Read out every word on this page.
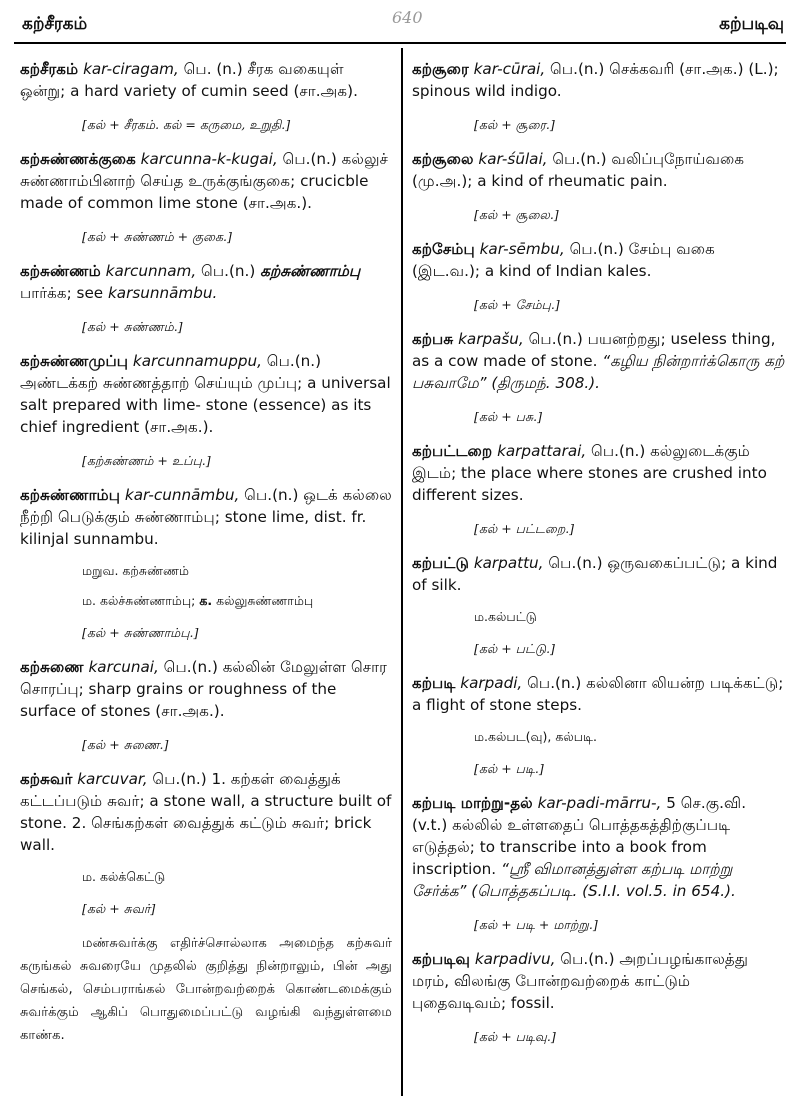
கற்சீரகம்	640	கற்படிவு

கற்சீரகம் kar-ciragam, பெ. (n.) சீரக வகையுள் ஒன்று; a hard variety of cumin seed (சா.அக).

[கல் + சீரகம். கல் = கருமை, உறுதி.]

கற்சுண்ணக்குகை karcunna-k-kugai, பெ.(n.) கல்லுச் சுண்ணாம்பினாற் செய்த உருக்குங்குகை; crucicble made of common lime stone (சா.அக.).

[கல் + சுண்ணம் + குகை.]

கற்சுண்ணம் karcunnam, பெ.(n.) கற்சுண்ணாம்பு பார்க்க; see karsunnāmbu.

[கல் + சுண்ணம்.]

கற்சுண்ணமுப்பு karcunnamuppu, பெ.(n.) அண்டக்கற் சுண்ணத்தாற் செய்யும் முப்பு; a universal salt prepared with lime- stone (essence) as its chief ingredient (சா.அக.).

[கற்சுண்ணம் + உப்பு.]

கற்சுண்ணாம்பு kar-cunnāmbu, பெ.(n.) ஒடக் கல்லை நீற்றி பெடுக்கும் சுண்ணாம்பு; stone lime, dist. fr. kilinjal sunnambu.

மறுவ. கற்சுண்ணம்
ம. கல்ச்சுண்ணாம்பு; க. கல்லுசுண்ணாம்பு
[கல் + சுண்ணாம்பு.]

கற்சுணை karcunai, பெ.(n.) கல்லின் மேலுள்ள சொர சொரப்பு; sharp grains or roughness of the surface of stones (சா.அக.).

[கல் + சுணை.]

கற்சுவர் karcuvar, பெ.(n.) 1. கற்கள் வைத்துக் கட்டப்படும் சுவர்; a stone wall, a structure built of stone. 2. செங்கற்கள் வைத்துக் கட்டும் சுவர்; brick wall.

ம. கல்க்கெட்டு
[கல் + சுவர்]

மண்சுவர்க்கு எதிர்ச்சொல்லாக அமைந்த கற்சுவர் கருங்கல் சுவரையே முதலில் குறித்து நின்றாலும், பின் அது செங்கல், செம்பராங்கல் போன்றவற்றைக் கொண்டமைக்கும் சுவர்க்கும் ஆகிப் பொதுமைப்பட்டு வழங்கி வந்துள்ளமை காண்க.

கற்சூரை kar-cūrai, பெ.(n.) செக்கவரி (சா.அக.) (L.); spinous wild indigo.

[கல் + சூரை.]

கற்சூலை kar-śūlai, பெ.(n.) வலிப்புநோய்வகை (மு.அ.); a kind of rheumatic pain.

[கல் + சூலை.]

கற்சேம்பு kar-sēmbu, பெ.(n.) சேம்பு வகை (இட.வ.); a kind of Indian kales.

[கல் + சேம்பு.]

கற்பசு karpašu, பெ.(n.) பயனற்றது; useless thing, as a cow made of stone. “கழிய நின்றார்க்கொரு கற் பசுவாமே” (திருமந். 308.).

[கல் + பசு.]

கற்பட்டறை karpattarai, பெ.(n.) கல்லுடைக்கும் இடம்; the place where stones are crushed into different sizes.

[கல் + பட்டறை.]

கற்பட்டு karpattu, பெ.(n.) ஒருவகைப்பட்டு; a kind of silk.

ம.கல்பட்டு
[கல் + பட்டு.]

கற்படி karpadi, பெ.(n.) கல்லினா லியன்ற படிக்கட்டு; a flight of stone steps.

ம.கல்பட(வு), கல்படி.
[கல் + படி.]

கற்படி மாற்று-தல் kar-padi-mārru-, 5 செ.கு.வி. (v.t.) கல்லில் உள்ளதைப் பொத்தகத்திற்குப்படி எடுத்தல்; to transcribe into a book from inscription. “ஸ்ரீ விமானத்துள்ள கற்படி மாற்று சேர்க்க” (பொத்தகப்படி. (S.I.I. vol.5. in 654.).

[கல் + படி + மாற்று.]

கற்படிவு karpadivu, பெ.(n.) அறப்பழங்காலத்து மரம், விலங்கு போன்றவற்றைக் காட்டும் புதைவடிவம்; fossil.

[கல் + படிவு.]
